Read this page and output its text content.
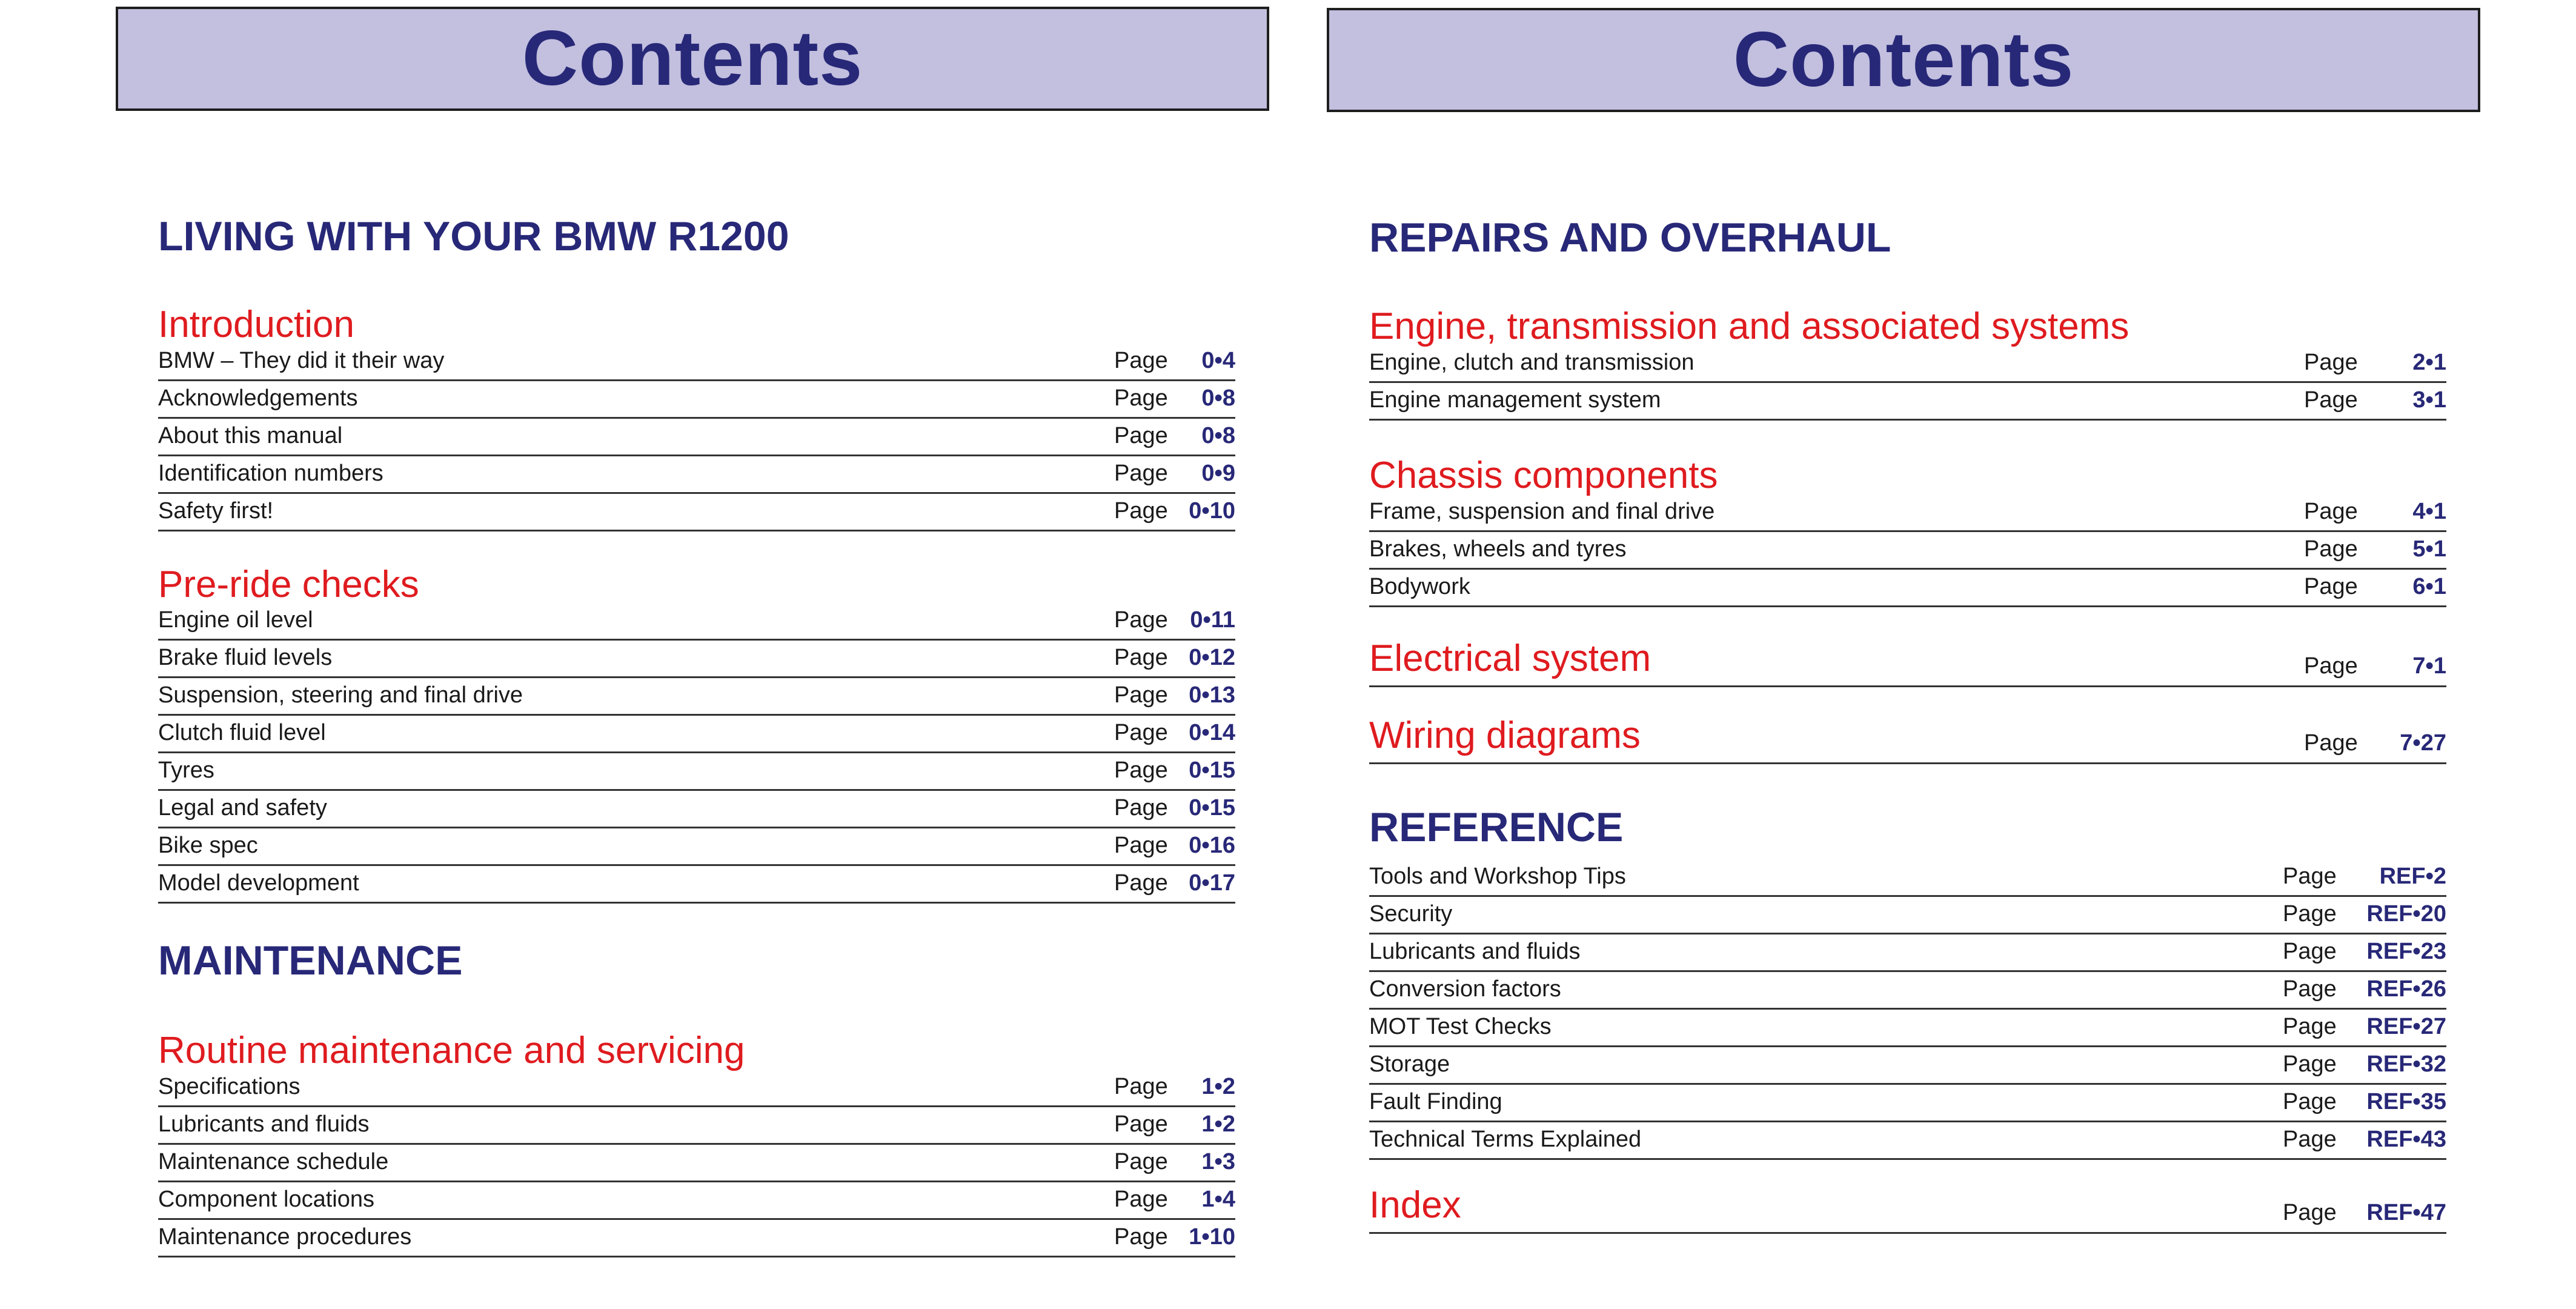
Contents
LIVING WITH YOUR BMW R1200
Introduction
BMW – They did it their way	Page 0•4
Acknowledgements	Page 0•8
About this manual	Page 0•8
Identification numbers	Page 0•9
Safety first!	Page 0•10
Pre-ride checks
Engine oil level	Page 0•11
Brake fluid levels	Page 0•12
Suspension, steering and final drive	Page 0•13
Clutch fluid level	Page 0•14
Tyres	Page 0•15
Legal and safety	Page 0•15
Bike spec	Page 0•16
Model development	Page 0•17
MAINTENANCE
Routine maintenance and servicing
Specifications	Page 1•2
Lubricants and fluids	Page 1•2
Maintenance schedule	Page 1•3
Component locations	Page 1•4
Maintenance procedures	Page 1•10
Contents
REPAIRS AND OVERHAUL
Engine, transmission and associated systems
Engine, clutch and transmission	Page 2•1
Engine management system	Page 3•1
Chassis components
Frame, suspension and final drive	Page 4•1
Brakes, wheels and tyres	Page 5•1
Bodywork	Page 6•1
Electrical system	Page 7•1
Wiring diagrams	Page 7•27
REFERENCE
Tools and Workshop Tips	Page REF•2
Security	Page REF•20
Lubricants and fluids	Page REF•23
Conversion factors	Page REF•26
MOT Test Checks	Page REF•27
Storage	Page REF•32
Fault Finding	Page REF•35
Technical Terms Explained	Page REF•43
Index	Page REF•47
